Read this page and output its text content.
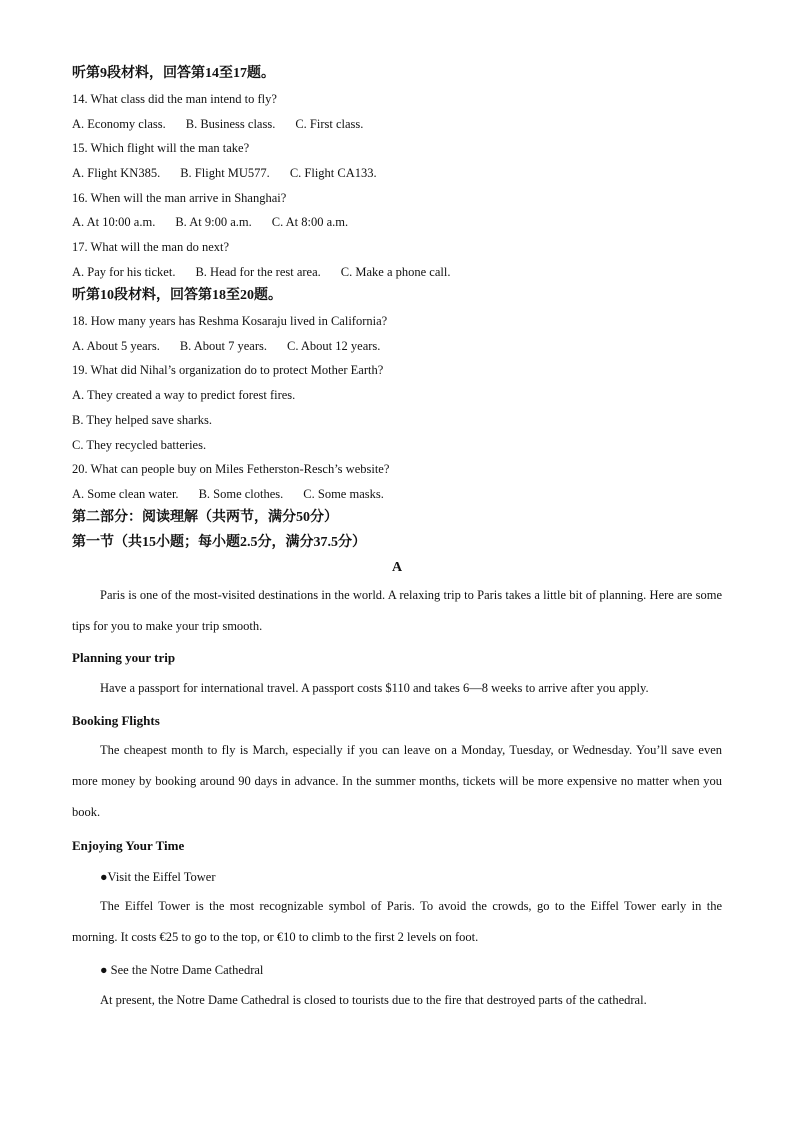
听第9段材料，回答第14至17题。
14. What class did the man intend to fly?
A. Economy class. B. Business class. C. First class.
15. Which flight will the man take?
A. Flight KN385. B. Flight MU577. C. Flight CA133.
16. When will the man arrive in Shanghai?
A. At 10:00 a.m. B. At 9:00 a.m. C. At 8:00 a.m.
17. What will the man do next?
A. Pay for his ticket. B. Head for the rest area. C. Make a phone call.
听第10段材料，回答第18至20题。
18. How many years has Reshma Kosaraju lived in California?
A. About 5 years. B. About 7 years. C. About 12 years.
19. What did Nihal’s organization do to protect Mother Earth?
A. They created a way to predict forest fires.
B. They helped save sharks.
C. They recycled batteries.
20. What can people buy on Miles Fetherston-Resch’s website?
A. Some clean water. B. Some clothes. C. Some masks.
第二部分：阅读理解（共两节，满分50分）
第一节（共15小题；每小题2.5分，满分37.5分）
A
Paris is one of the most-visited destinations in the world. A relaxing trip to Paris takes a little bit of planning. Here are some tips for you to make your trip smooth.
Planning your trip
Have a passport for international travel. A passport costs $110 and takes 6—8 weeks to arrive after you apply.
Booking Flights
The cheapest month to fly is March, especially if you can leave on a Monday, Tuesday, or Wednesday. You’ll save even more money by booking around 90 days in advance. In the summer months, tickets will be more expensive no matter when you book.
Enjoying Your Time
●Visit the Eiffel Tower
The Eiffel Tower is the most recognizable symbol of Paris. To avoid the crowds, go to the Eiffel Tower early in the morning. It costs €25 to go to the top, or €10 to climb to the first 2 levels on foot.
● See the Notre Dame Cathedral
At present, the Notre Dame Cathedral is closed to tourists due to the fire that destroyed parts of the cathedral.
